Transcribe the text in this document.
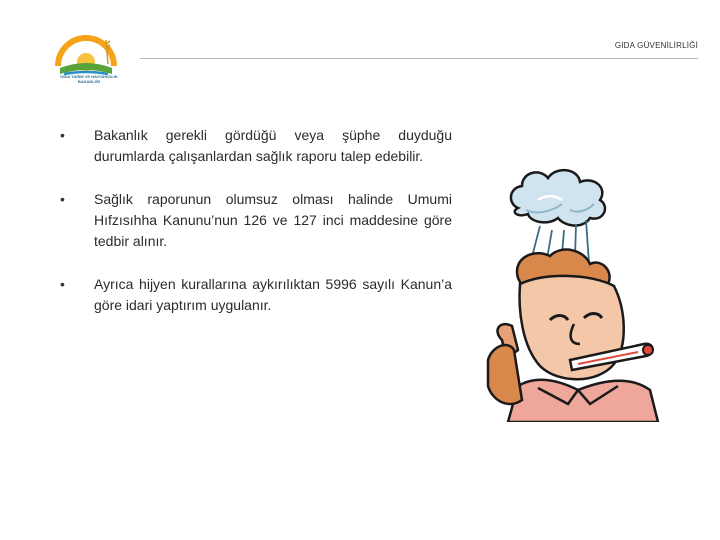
GIDA TARIM VE HAYVANCILIK
BAKANLIĞI
GIDA GÜVENİLİRLİĞİ
•	Bakanlık gerekli gördüğü veya şüphe duyduğu durumlarda çalışanlardan sağlık raporu talep edebilir.
•	Sağlık raporunun olumsuz olması halinde Umumi Hıfzısıhha Kanunu’nun 126 ve 127 inci maddesine göre tedbir alınır.
•	Ayrıca hijyen kurallarına aykırılıktan 5996 sayılı Kanun’a göre idari yaptırım uygulanır.
